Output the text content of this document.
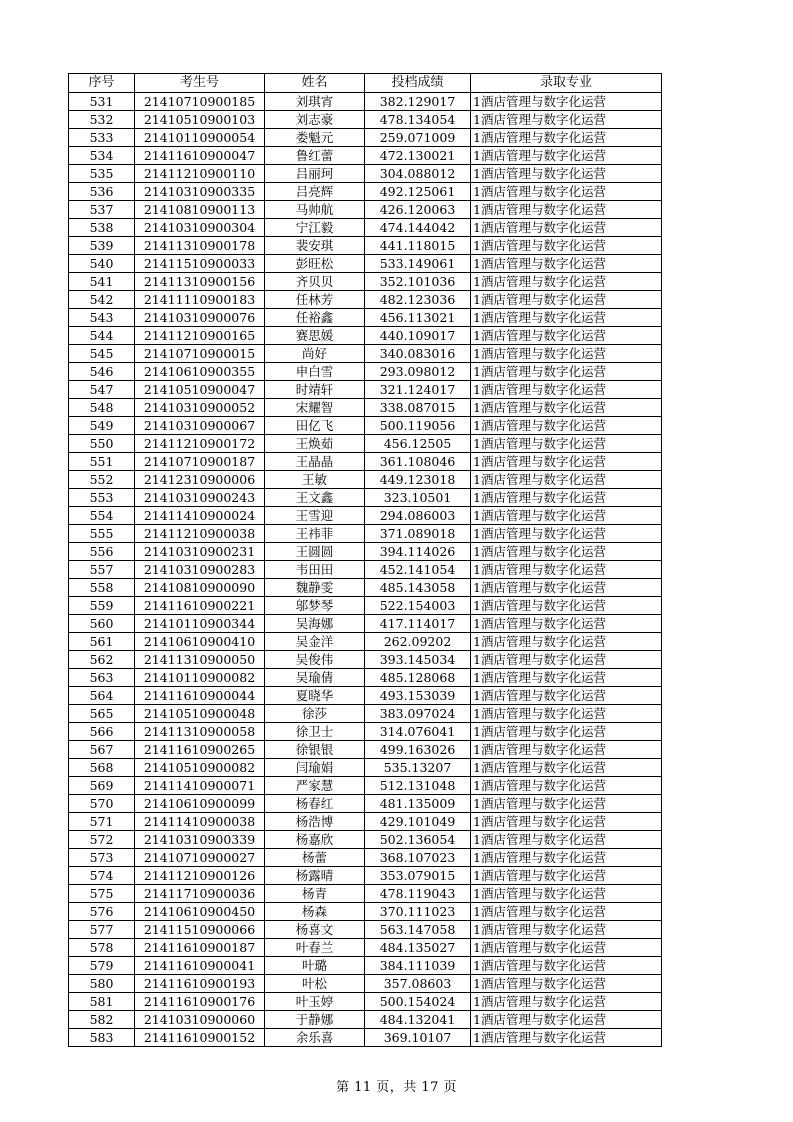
序号	考生号	姓名	投档成绩	录取专业
531	21410710900185	刘琪宵	382.129017	1酒店管理与数字化运营
532	21410510900103	刘志豪	478.134054	1酒店管理与数字化运营
533	21410110900054	娄魁元	259.071009	1酒店管理与数字化运营
534	21411610900047	鲁红蕾	472.130021	1酒店管理与数字化运营
535	21411210900110	吕丽珂	304.088012	1酒店管理与数字化运营
536	21410310900335	吕亮辉	492.125061	1酒店管理与数字化运营
537	21410810900113	马帅航	426.120063	1酒店管理与数字化运营
538	21410310900304	宁江毅	474.144042	1酒店管理与数字化运营
539	21411310900178	裴安琪	441.118015	1酒店管理与数字化运营
540	21411510900033	彭旺松	533.149061	1酒店管理与数字化运营
541	21411310900156	齐贝贝	352.101036	1酒店管理与数字化运营
542	21411110900183	任林芳	482.123036	1酒店管理与数字化运营
543	21410310900076	任裕鑫	456.113021	1酒店管理与数字化运营
544	21411210900165	赛思媛	440.109017	1酒店管理与数字化运营
545	21410710900015	尚好	340.083016	1酒店管理与数字化运营
546	21410610900355	申白雪	293.098012	1酒店管理与数字化运营
547	21410510900047	时靖轩	321.124017	1酒店管理与数字化运营
548	21410310900052	宋耀智	338.087015	1酒店管理与数字化运营
549	21410310900067	田亿飞	500.119056	1酒店管理与数字化运营
550	21411210900172	王焕茹	456.12505	1酒店管理与数字化运营
551	21410710900187	王晶晶	361.108046	1酒店管理与数字化运营
552	21412310900006	王敏	449.123018	1酒店管理与数字化运营
553	21410310900243	王文鑫	323.10501	1酒店管理与数字化运营
554	21411410900024	王雪迎	294.086003	1酒店管理与数字化运营
555	21411210900038	王祎菲	371.089018	1酒店管理与数字化运营
556	21410310900231	王圆圆	394.114026	1酒店管理与数字化运营
557	21410310900283	韦田田	452.141054	1酒店管理与数字化运营
558	21410810900090	魏静雯	485.143058	1酒店管理与数字化运营
559	21411610900221	邬梦琴	522.154003	1酒店管理与数字化运营
560	21410110900344	吴海娜	417.114017	1酒店管理与数字化运营
561	21410610900410	吴金洋	262.09202	1酒店管理与数字化运营
562	21411310900050	吴俊伟	393.145034	1酒店管理与数字化运营
563	21410110900082	吴瑜倩	485.128068	1酒店管理与数字化运营
564	21411610900044	夏晓华	493.153039	1酒店管理与数字化运营
565	21410510900048	徐莎	383.097024	1酒店管理与数字化运营
566	21411310900058	徐卫士	314.076041	1酒店管理与数字化运营
567	21411610900265	徐银银	499.163026	1酒店管理与数字化运营
568	21410510900082	闫瑜娟	535.13207	1酒店管理与数字化运营
569	21411410900071	严家慧	512.131048	1酒店管理与数字化运营
570	21410610900099	杨春红	481.135009	1酒店管理与数字化运营
571	21411410900038	杨浩博	429.101049	1酒店管理与数字化运营
572	21410310900339	杨嘉欣	502.136054	1酒店管理与数字化运营
573	21410710900027	杨蕾	368.107023	1酒店管理与数字化运营
574	21411210900126	杨露晴	353.079015	1酒店管理与数字化运营
575	21411710900036	杨青	478.119043	1酒店管理与数字化运营
576	21410610900450	杨森	370.111023	1酒店管理与数字化运营
577	21411510900066	杨喜文	563.147058	1酒店管理与数字化运营
578	21411610900187	叶春兰	484.135027	1酒店管理与数字化运营
579	21411610900041	叶璐	384.111039	1酒店管理与数字化运营
580	21411610900193	叶松	357.08603	1酒店管理与数字化运营
581	21411610900176	叶玉婷	500.154024	1酒店管理与数字化运营
582	21410310900060	于静娜	484.132041	1酒店管理与数字化运营
583	21411610900152	余乐喜	369.10107	1酒店管理与数字化运营
第 11 页，共 17 页
